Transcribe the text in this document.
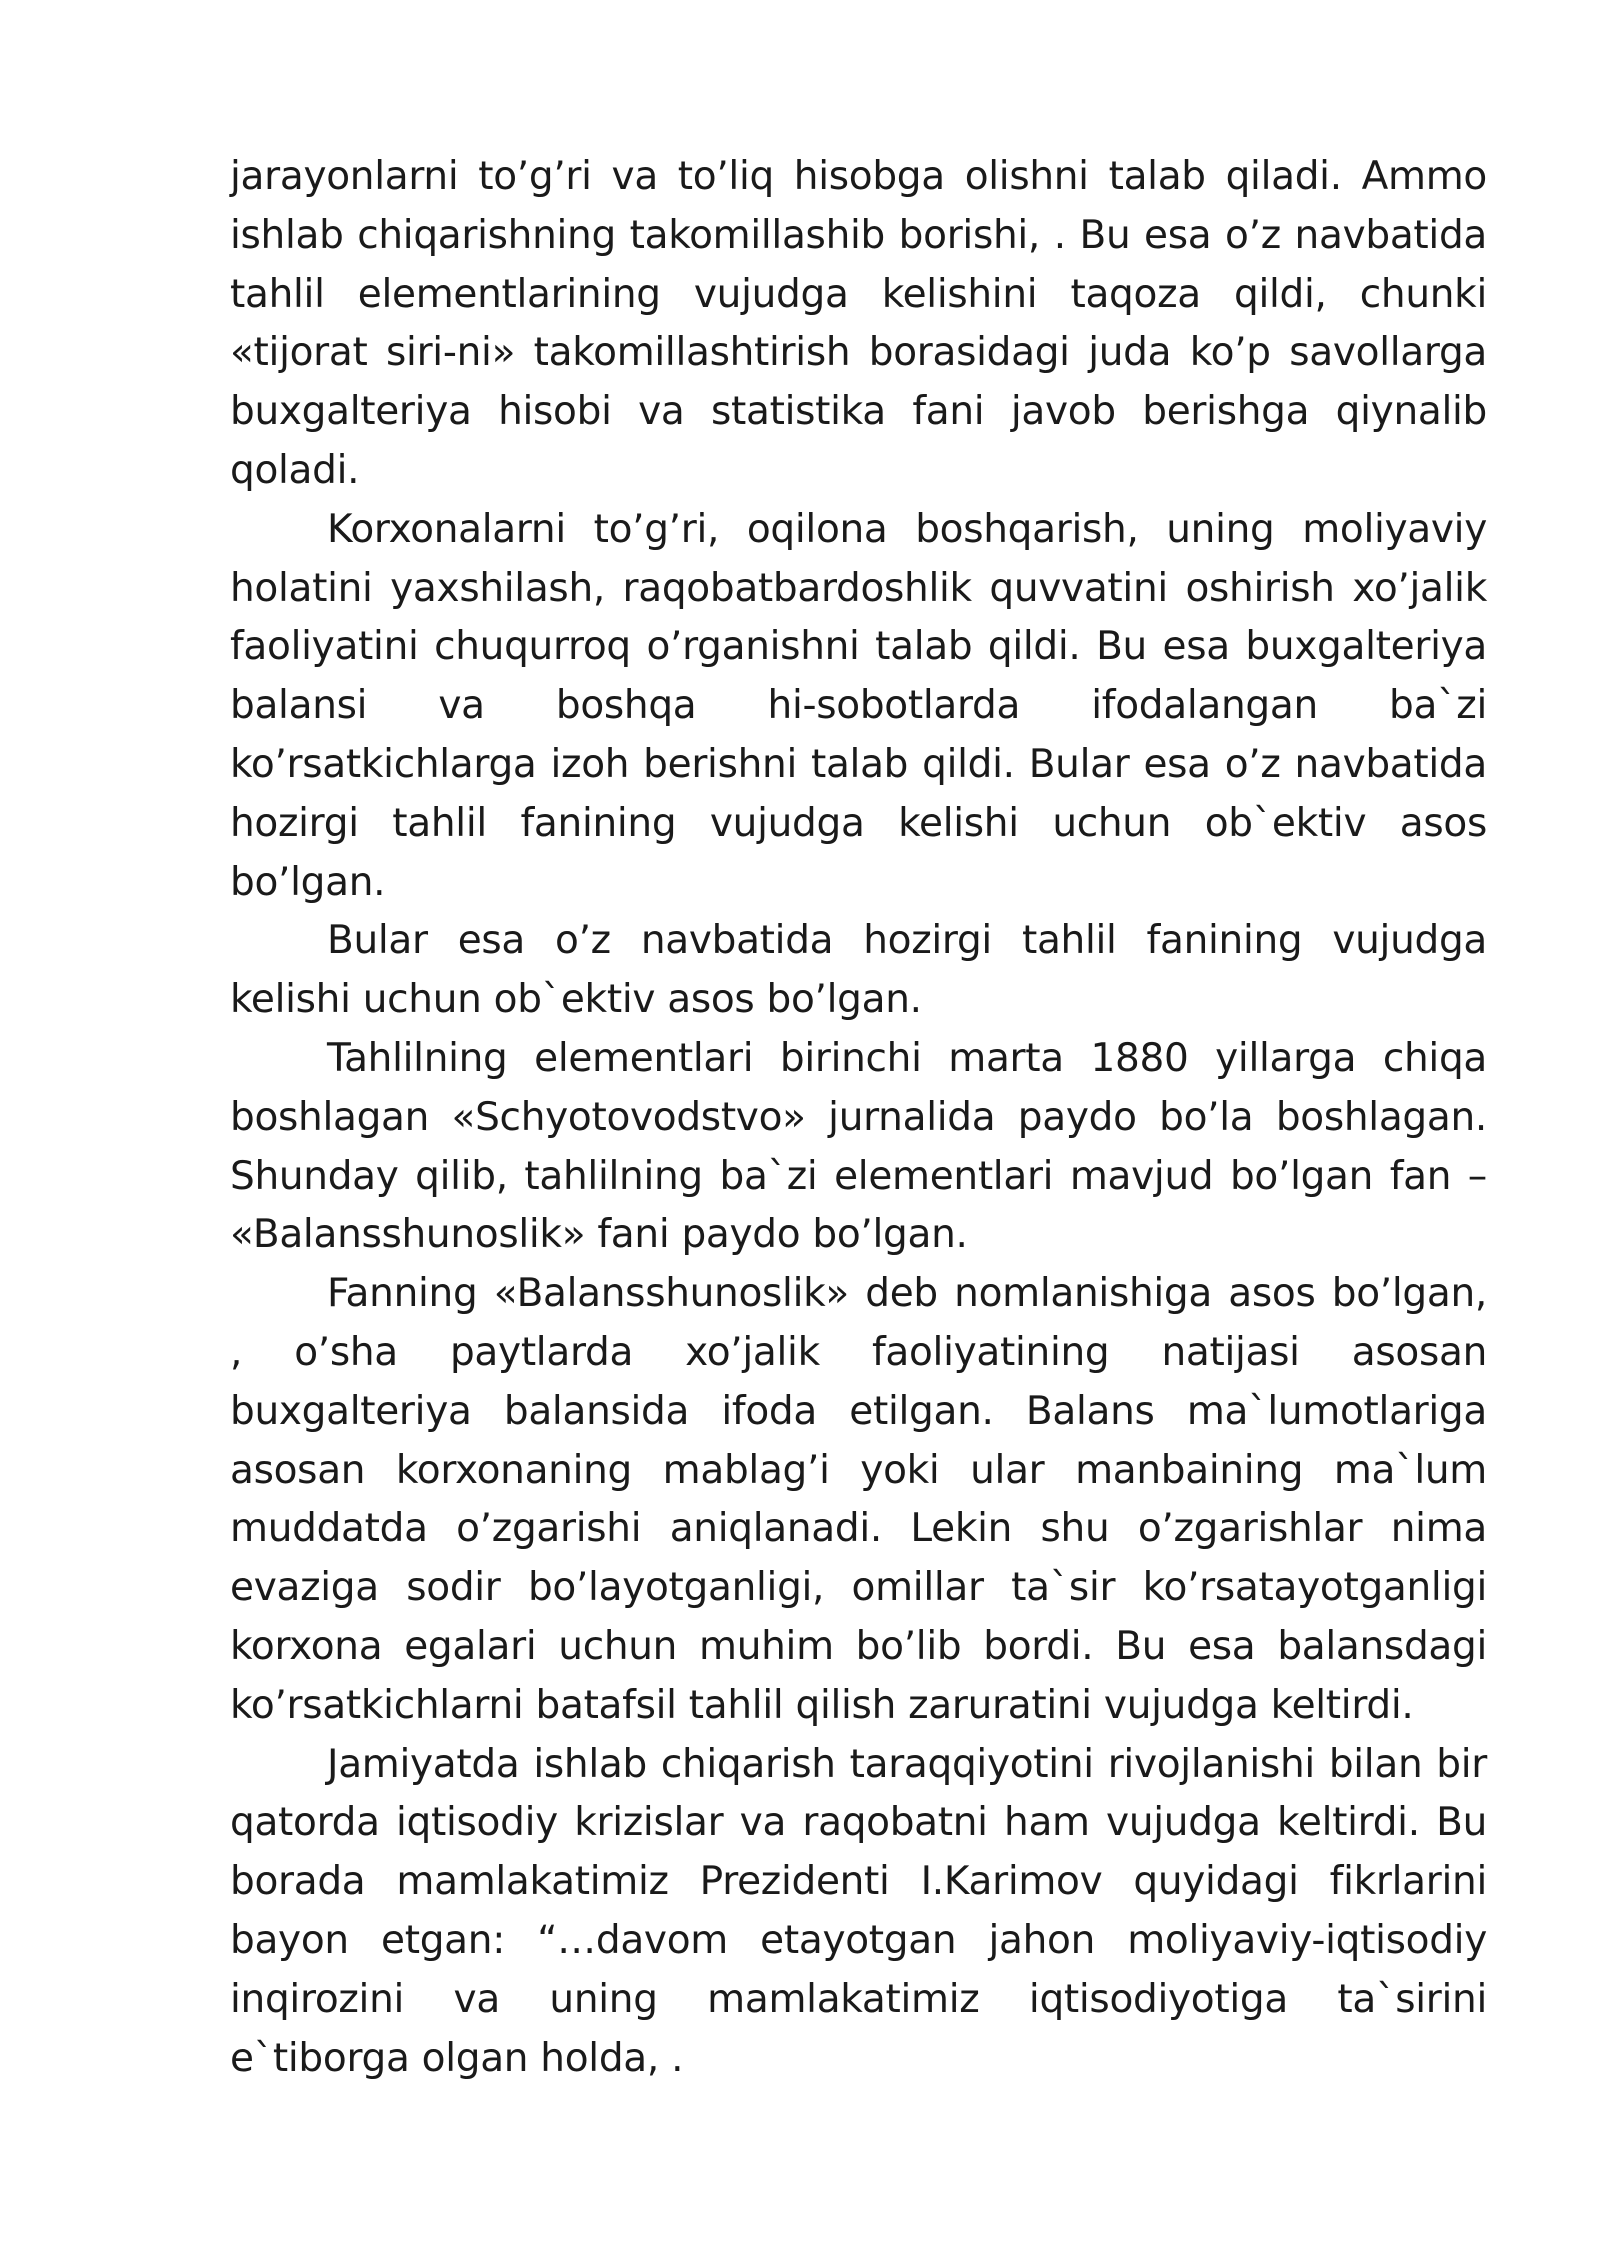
jarayonlarni to’g’ri va to’liq hisobga olishni talab qiladi. Ammo ishlab chiqarishning takomillashib borishi, . Bu esa o’z navbatida tahlil elementlarining vujudga kelishini taqoza qildi, chunki «tijorat siri-ni» takomillashtirish borasidagi juda ko’p savollarga buxgalteriya hisobi va statistika fani javob berishga qiynalib qoladi.

Korxonalarni to’g’ri, oqilona boshqarish, uning moliyaviy holatini yaxshilash, raqobatbardoshlik quvvatini oshirish xo’jalik faoliyatini chuqurroq o’rganishni talab qildi. Bu esa buxgalteriya balansi va boshqa hi-sobotlarda ifodalangan ba`zi ko’rsatkichlarga izoh berishni talab qildi. Bular esa o’z navbatida hozirgi tahlil fanining vujudga kelishi uchun ob`ektiv asos bo’lgan.

Bular esa o’z navbatida hozirgi tahlil fanining vujudga kelishi uchun ob`ektiv asos bo’lgan.

Tahlilning elementlari birinchi marta 1880 yillarga chiqa boshlagan «Schyotovodstvo» jurnalida paydo bo’la boshlagan. Shunday qilib, tahlilning ba`zi elementlari mavjud bo’lgan fan – «Balansshunoslik» fani paydo bo’lgan.

Fanning «Balansshunoslik» deb nomlanishiga asos bo’lgan, , o’sha paytlarda xo’jalik faoliyatining natijasi asosan buxgalteriya balansida ifoda etilgan. Balans ma`lumotlariga asosan korxonaning mablag’i yoki ular manbaining ma`lum muddatda o’zgarishi aniqlanadi. Lekin shu o’zgarishlar nima evaziga sodir bo’layotganligi, omillar ta`sir ko’rsatayotganligi korxona egalari uchun muhim bo’lib bordi. Bu esa balansdagi ko’rsatkichlarni batafsil tahlil qilish zaruratini vujudga keltirdi.

Jamiyatda ishlab chiqarish taraqqiyotini rivojlanishi bilan bir qatorda iqtisodiy krizislar va raqobatni ham vujudga keltirdi. Bu borada mamlakatimiz Prezidenti I.Karimov quyidagi fikrlarini bayon etgan: “…davom etayotgan jahon moliyaviy-iqtisodiy inqirozini va uning mamlakatimiz iqtisodiyotiga ta`sirini e`tiborga olgan holda, .
